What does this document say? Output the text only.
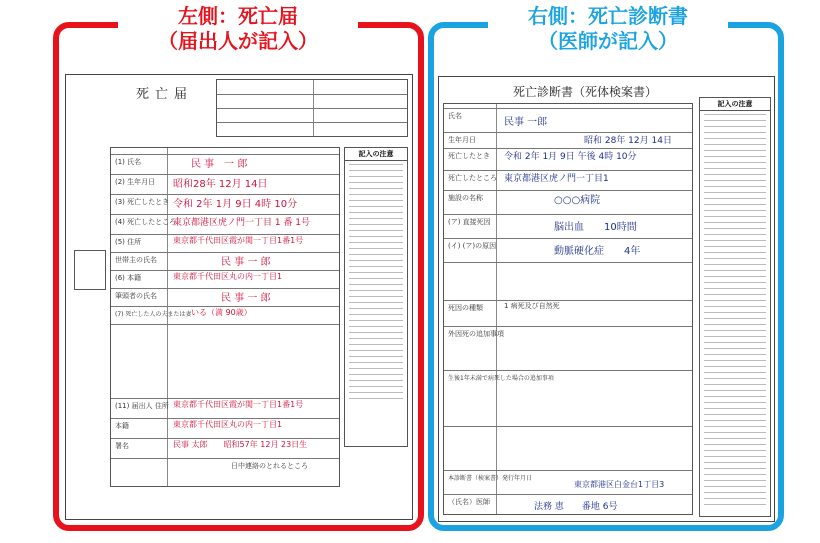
左側：死亡届
（届出人が記入）
右側：死亡診断書
（医師が記入）
死亡届
(1) 氏名	民 事　一 郎
(2) 生年月日 昭和28年 12月 14日
(3) 死亡したとき 令和 2年 1月 9日 4時 10分
(4) 死亡したところ
東京都港区虎ノ門一丁目 1 番 1号
(5) 住所	東京都千代田区霞が関一丁目1番1号
世帯主の氏名	民 事 一 郎
(6) 本籍	東京都千代田区丸の内一丁目1
筆頭者の氏名	民 事 一 郎
(7) 死亡した人の夫または妻 いる（満 90歳）
(11) 届出人 住所 東京都千代田区霞が関一丁目1番1号
本籍	東京都千代田区丸の内一丁目1
署名	民事 太郎　　昭和57年 12月 23日生
日中連絡のとれるところ
記入の注意
死亡診断書（死体検案書）
氏名
民事 一郎
生年月日	昭和 28年 12月 14日
死亡したとき 令和 2年 1月 9日 午後 4時 10分
死亡したところ 東京都港区虎ノ門一丁目1
施設の名称	○○○病院
(ア) 直接死因	脳出血　　10時間
(イ) (ア)の原因	動脈硬化症　　4年
死因の種類	1 病死及び自然死
外因死の追加事項
生後1年未満で病死した場合の追加事項
本診断書（検案書）発行年月日
東京都港区白金台1丁目3
（氏名）医師	法務 恵　　番地 6号
記入の注意
